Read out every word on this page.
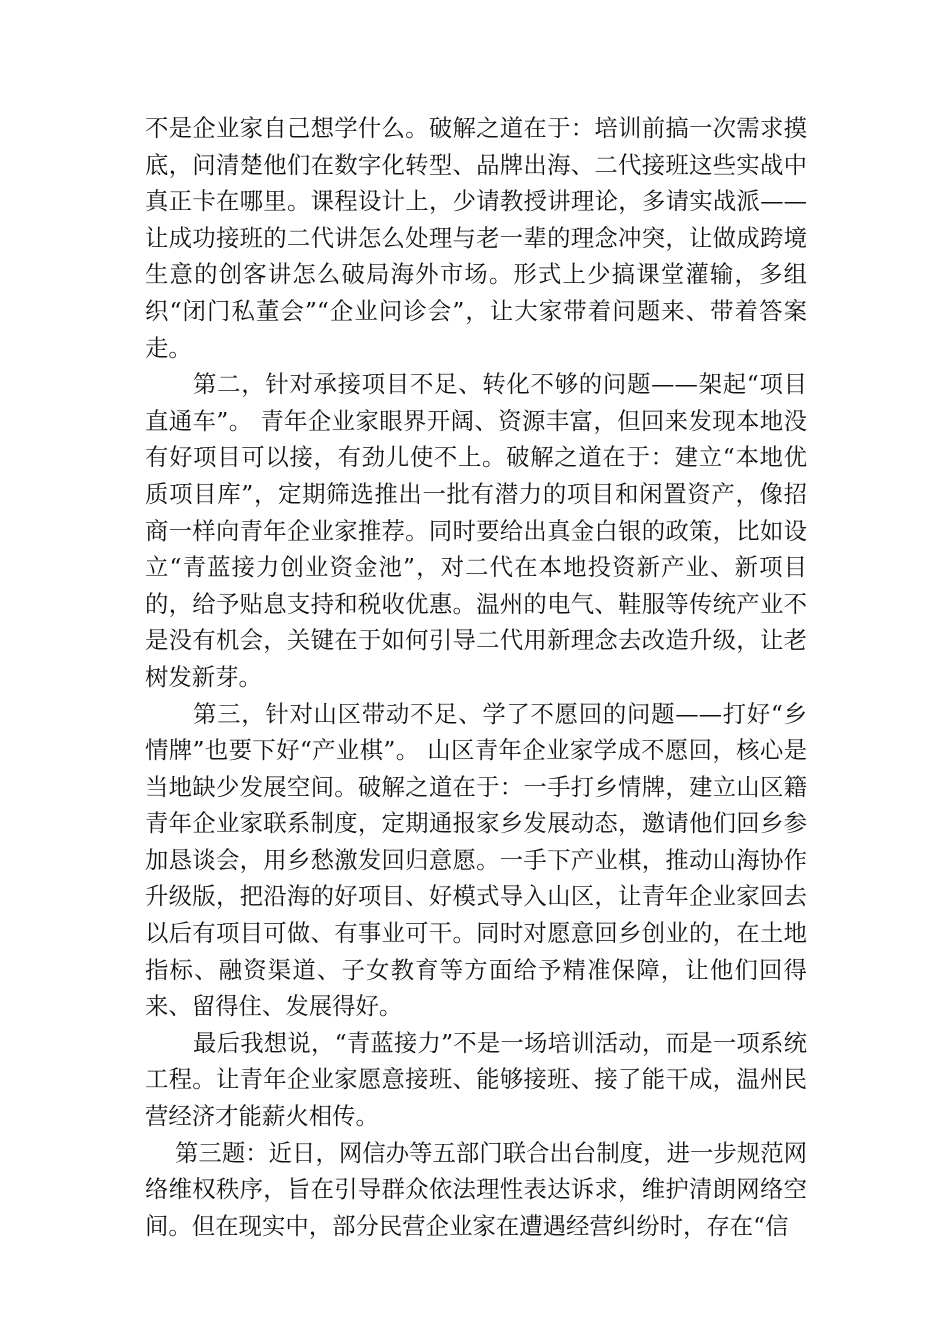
不是企业家自己想学什么。破解之道在于：培训前搞一次需求摸底，问清楚他们在数字化转型、品牌出海、二代接班这些实战中真正卡在哪里。课程设计上，少请教授讲理论，多请实战派——让成功接班的二代讲怎么处理与老一辈的理念冲突，让做成跨境生意的创客讲怎么破局海外市场。形式上少搞课堂灌输，多组织“闭门私董会”“企业问诊会”，让大家带着问题来、带着答案走。

第二，针对承接项目不足、转化不够的问题——架起“项目直通车”。 青年企业家眼界开阔、资源丰富，但回来发现本地没有好项目可以接，有劲儿使不上。破解之道在于：建立“本地优质项目库”，定期筛选推出一批有潜力的项目和闲置资产，像招商一样向青年企业家推荐。同时要给出真金白银的政策，比如设立“青蓝接力创业资金池”，对二代在本地投资新产业、新项目的，给予贴息支持和税收优惠。温州的电气、鞋服等传统产业不是没有机会，关键在于如何引导二代用新理念去改造升级，让老树发新芽。

第三，针对山区带动不足、学了不愿回的问题——打好“乡情牌”也要下好“产业棋”。 山区青年企业家学成不愿回，核心是当地缺少发展空间。破解之道在于：一手打乡情牌，建立山区籍青年企业家联系制度，定期通报家乡发展动态，邀请他们回乡参加恳谈会，用乡愁激发回归意愿。一手下产业棋，推动山海协作升级版，把沿海的好项目、好模式导入山区，让青年企业家回去以后有项目可做、有事业可干。同时对愿意回乡创业的，在土地指标、融资渠道、子女教育等方面给予精准保障，让他们回得来、留得住、发展得好。

最后我想说，“青蓝接力”不是一场培训活动，而是一项系统工程。让青年企业家愿意接班、能够接班、接了能干成，温州民营经济才能薪火相传。

第三题：近日，网信办等五部门联合出台制度，进一步规范网络维权秩序，旨在引导群众依法理性表达诉求，维护清朗网络空间。但在现实中，部分民营企业家在遭遇经营纠纷时，存在“信
